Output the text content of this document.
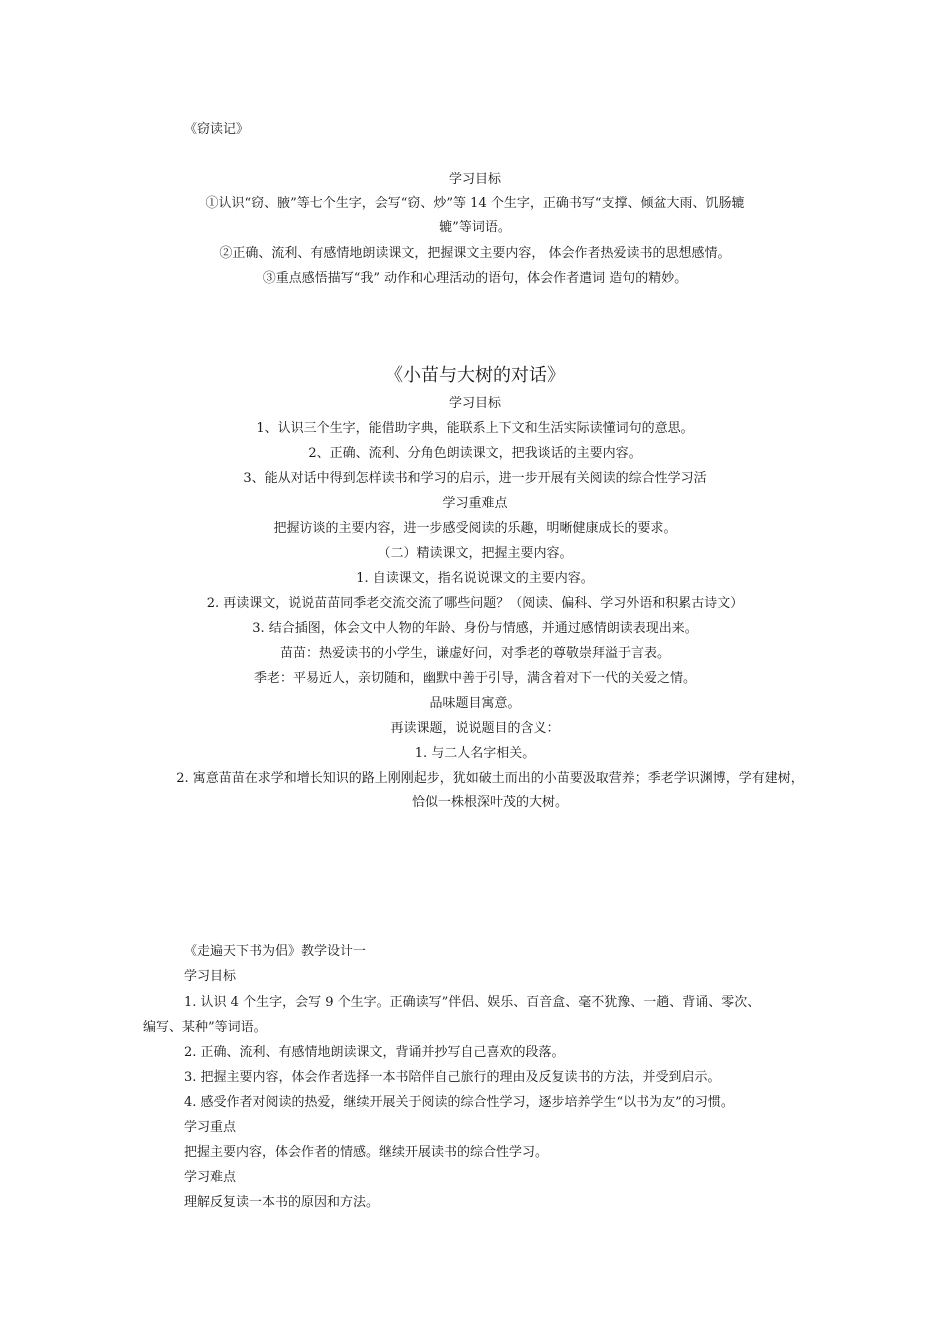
《窃读记》
学习目标
①认识“窃、腋”等七个生字，会写“窃、炒”等 14 个生字，正确书写“支撑、倾盆大雨、饥肠辘
辘”等词语。
②正确、流利、有感情地朗读课文，把握课文主要内容， 体会作者热爱读书的思想感情。
③重点感悟描写“我” 动作和心理活动的语句，体会作者遣词 造句的精妙。
《小苗与大树的对话》
学习目标
1、认识三个生字，能借助字典，能联系上下文和生活实际读懂词句的意思。
2、正确、流利、分角色朗读课文，把我谈话的主要内容。
3、能从对话中得到怎样读书和学习的启示，进一步开展有关阅读的综合性学习活
学习重难点
把握访谈的主要内容，进一步感受阅读的乐趣，明晰健康成长的要求。
（二）精读课文，把握主要内容。
1. 自读课文，指名说说课文的主要内容。
2. 再读课文，说说苗苗同季老交流交流了哪些问题？（阅读、偏科、学习外语和积累古诗文）
3. 结合插图，体会文中人物的年龄、身份与情感，并通过感情朗读表现出来。
苗苗：热爱读书的小学生，谦虚好问，对季老的尊敬崇拜溢于言表。
季老：平易近人，亲切随和，幽默中善于引导，满含着对下一代的关爱之情。
品味题目寓意。
再读课题，说说题目的含义：
1. 与二人名字相关。
2. 寓意苗苗在求学和增长知识的路上刚刚起步，犹如破土而出的小苗要汲取营养；季老学识渊博，学有建树，恰似一株根深叶茂的大树。
《走遍天下书为侣》教学设计一
学习目标
1. 认识 4 个生字，会写 9 个生字。正确读写”伴侣、娱乐、百音盒、毫不犹豫、一趟、背诵、零次、
编写、某种”等词语。
2. 正确、流利、有感情地朗读课文，背诵并抄写自己喜欢的段落。
3. 把握主要内容，体会作者选择一本书陪伴自己旅行的理由及反复读书的方法，并受到启示。
4. 感受作者对阅读的热爱，继续开展关于阅读的综合性学习，逐步培养学生“以书为友”的习惯。
学习重点
把握主要内容，体会作者的情感。继续开展读书的综合性学习。
学习难点
理解反复读一本书的原因和方法。
